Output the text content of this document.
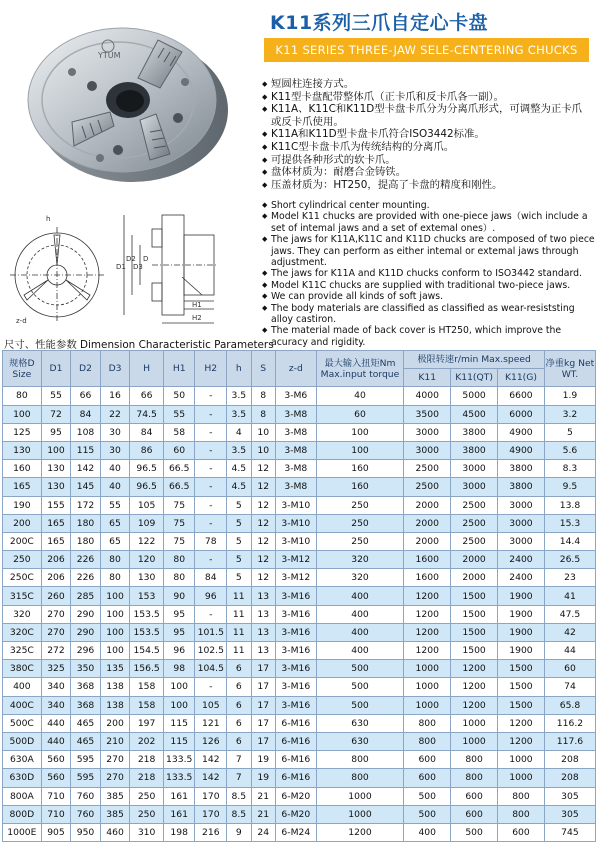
YTUM
K11系列三爪自定心卡盘
K11 SERIES THREE-JAW SELE-CENTERING CHUCKS
◆ 短圆柱连接方式。
◆ K11型卡盘配带整体爪（正卡爪和反卡爪各一副）。
◆ K11A、K11C和K11D型卡盘卡爪分为分离爪形式，可调整为正卡爪或反卡爪使用。
◆ K11A和K11D型卡盘卡爪符合ISO3442标准。
◆ K11C型卡盘卡爪为传统结构的分离爪。
◆ 可提供各种形式的软卡爪。
◆ 盘体材质为：耐磨合金铸铁。
◆ 压盖材质为：HT250，提高了卡盘的精度和刚性。
◆ Short cylindrical center mounting.
◆ Model K11 chucks are provided with one-piece jaws（wich include a set of intemal jaws and a set of extemal ones）.
◆ The jaws for K11A,K11C and K11D chucks are composed of two piece jaws. They can perform as either intemal or extemal jaws through adjustment.
◆ The jaws for K11A and K11D chucks conform to ISO3442 standard.
◆ Model K11C chucks are supplied with traditional two-piece jaws.
◆ We can provide all kinds of soft jaws.
◆ The body materials are classified as classified as wear-resiststing alloy castiron.
◆ The material made of back cover is HT250, which improve the acuracy and rigidity.
z-d
h
D1
D2
D3
D
H1
H2
尺寸、性能参数 Dimension Characteristic Parameters
规格D Size	D1	D2	D3	H	H1	H2	h	S	z-d	最大输入扭矩Nm Max.input torque	极限转速r/min Max.speed			净重kg Net WT.
											K11	K11(QT)	K11(G)	
80	55	66	16	66	50	-	3.5	8	3-M6	40	4000	5000	6600	1.9
100	72	84	22	74.5	55	-	3.5	8	3-M8	60	3500	4500	6000	3.2
125	95	108	30	84	58	-	4	10	3-M8	100	3000	3800	4900	5
130	100	115	30	86	60	-	3.5	10	3-M8	100	3000	3800	4900	5.6
160	130	142	40	96.5	66.5	-	4.5	12	3-M8	160	2500	3000	3800	8.3
165	130	145	40	96.5	66.5	-	4.5	12	3-M8	160	2500	3000	3800	9.5
190	155	172	55	105	75	-	5	12	3-M10	250	2000	2500	3000	13.8
200	165	180	65	109	75	-	5	12	3-M10	250	2000	2500	3000	15.3
200C	165	180	65	122	75	78	5	12	3-M10	250	2000	2500	3000	14.4
250	206	226	80	120	80	-	5	12	3-M12	320	1600	2000	2400	26.5
250C	206	226	80	130	80	84	5	12	3-M12	320	1600	2000	2400	23
315C	260	285	100	153	90	96	11	13	3-M16	400	1200	1500	1900	41
320	270	290	100	153.5	95	-	11	13	3-M16	400	1200	1500	1900	47.5
320C	270	290	100	153.5	95	101.5	11	13	3-M16	400	1200	1500	1900	42
325C	272	296	100	154.5	96	102.5	11	13	3-M16	400	1200	1500	1900	44
380C	325	350	135	156.5	98	104.5	6	17	3-M16	500	1000	1200	1500	60
400	340	368	138	158	100	-	6	17	3-M16	500	1000	1200	1500	74
400C	340	368	138	158	100	105	6	17	3-M16	500	1000	1200	1500	65.8
500C	440	465	200	197	115	121	6	17	6-M16	630	800	1000	1200	116.2
500D	440	465	210	202	115	126	6	17	6-M16	630	800	1000	1200	117.6
630A	560	595	270	218	133.5	142	7	19	6-M16	800	600	800	1000	208
630D	560	595	270	218	133.5	142	7	19	6-M16	800	600	800	1000	208
800A	710	760	385	250	161	170	8.5	21	6-M20	1000	500	600	800	305
800D	710	760	385	250	161	170	8.5	21	6-M20	1000	500	600	800	305
1000E	905	950	460	310	198	216	9	24	6-M24	1200	400	500	600	745
